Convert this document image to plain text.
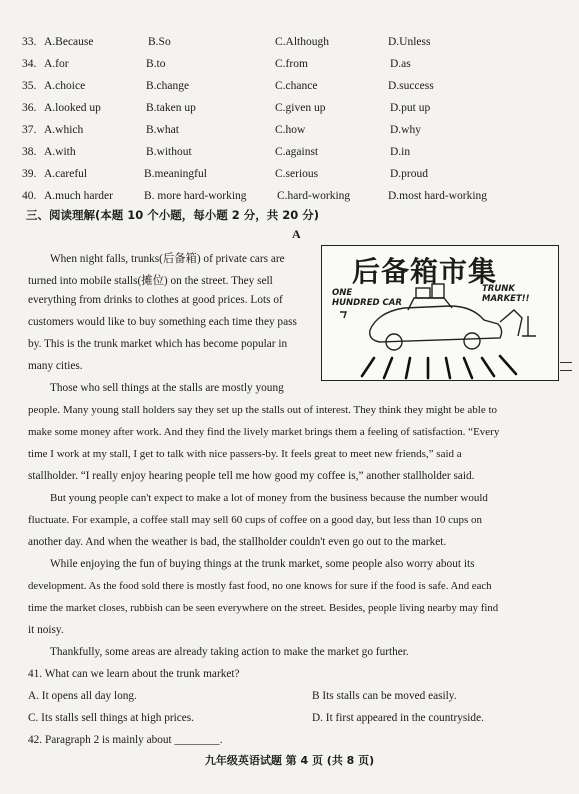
33. A.Because	B.So	C.Although	D.Unless
34. A.for	B.to	C.from	D.as
35. A.choice	B.change	C.chance	D.success
36. A.looked up	B.taken up	C.given up	D.put up
37. A.which	B.what	C.how	D.why
38. A.with	B.without	C.against	D.in
39. A.careful	B.meaningful	C.serious	D.proud
40. A.much harder	B. more hard-working	C.hard-working	D.most hard-working
三、阅读理解(本题 10 个小题，每小题 2 分，共 20 分)
A
后备箱市集
ONE HUNDRED CAR
TRUNK MARKET!!
When night falls, trunks(后备箱) of private cars are
turned into mobile stalls(摊位) on the street. They sell
everything from drinks to clothes at good prices. Lots of
customers would like to buy something each time they pass
by. This is the trunk market which has become popular in
many cities.
Those who sell things at the stalls are mostly young
people. Many young stall holders say they set up the stalls out of interest. They think they might be able to
make some money after work. And they find the lively market brings them a feeling of satisfaction. “Every
time I work at my stall, I get to talk with nice passers-by. It feels great to meet new friends,” said a
stallholder. “I really enjoy hearing people tell me how good my coffee is,” another stallholder said.
But young people can't expect to make a lot of money from the business because the number would
fluctuate. For example, a coffee stall may sell 60 cups of coffee on a good day, but less than 10 cups on
another day. And when the weather is bad, the stallholder couldn't even go out to the market.
While enjoying the fun of buying things at the trunk market, some people also worry about its
development. As the food sold there is mostly fast food, no one knows for sure if the food is safe. And each
time the market closes, rubbish can be seen everywhere on the street. Besides, people living nearby may find
it noisy.
Thankfully, some areas are already taking action to make the market go further.
41. What can we learn about the trunk market?
A. It opens all day long.	B Its stalls can be moved easily.
C. Its stalls sell things at high prices.	D. It first appeared in the countryside.
42. Paragraph 2 is mainly about ________.
九年级英语试题 第 4 页 (共 8 页)
